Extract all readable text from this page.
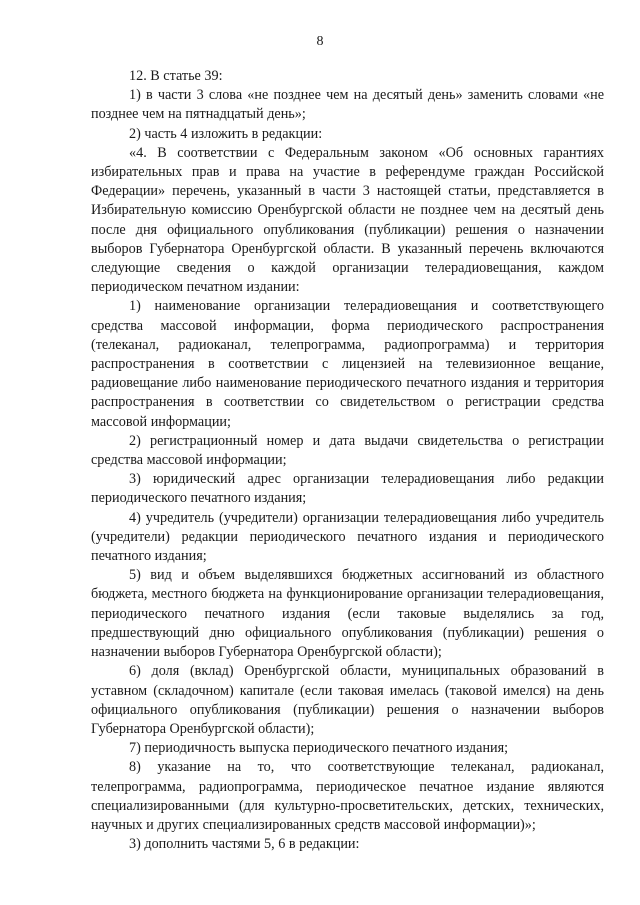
8

12. В статье 39:

1) в части 3 слова «не позднее чем на десятый день» заменить словами «не позднее чем на пятнадцатый день»;

2) часть 4 изложить в редакции:

«4. В соответствии с Федеральным законом «Об основных гарантиях избирательных прав и права на участие в референдуме граждан Российской Федерации» перечень, указанный в части 3 настоящей статьи, представляется в Избирательную комиссию Оренбургской области не позднее чем на десятый день после дня официального опубликования (публикации) решения о назначении выборов Губернатора Оренбургской области. В указанный перечень включаются следующие сведения о каждой организации телерадиовещания, каждом периодическом печатном издании:

1) наименование организации телерадиовещания и соответствующего средства массовой информации, форма периодического распространения (телеканал, радиоканал, телепрограмма, радиопрограмма) и территория распространения в соответствии с лицензией на телевизионное вещание, радиовещание либо наименование периодического печатного издания и территория распространения в соответствии со свидетельством о регистрации средства массовой информации;

2) регистрационный номер и дата выдачи свидетельства о регистрации средства массовой информации;

3) юридический адрес организации телерадиовещания либо редакции периодического печатного издания;

4) учредитель (учредители) организации телерадиовещания либо учредитель (учредители) редакции периодического печатного издания и периодического печатного издания;

5) вид и объем выделявшихся бюджетных ассигнований из областного бюджета, местного бюджета на функционирование организации телерадиовещания, периодического печатного издания (если таковые выделялись за год, предшествующий дню официального опубликования (публикации) решения о назначении выборов Губернатора Оренбургской области);

6) доля (вклад) Оренбургской области, муниципальных образований в уставном (складочном) капитале (если таковая имелась (таковой имелся) на день официального опубликования (публикации) решения о назначении выборов Губернатора Оренбургской области);

7) периодичность выпуска периодического печатного издания;

8) указание на то, что соответствующие телеканал, радиоканал, телепрограмма, радиопрограмма, периодическое печатное издание являются специализированными (для культурно-просветительских, детских, технических, научных и других специализированных средств массовой информации)»;

3) дополнить частями 5, 6 в редакции:
